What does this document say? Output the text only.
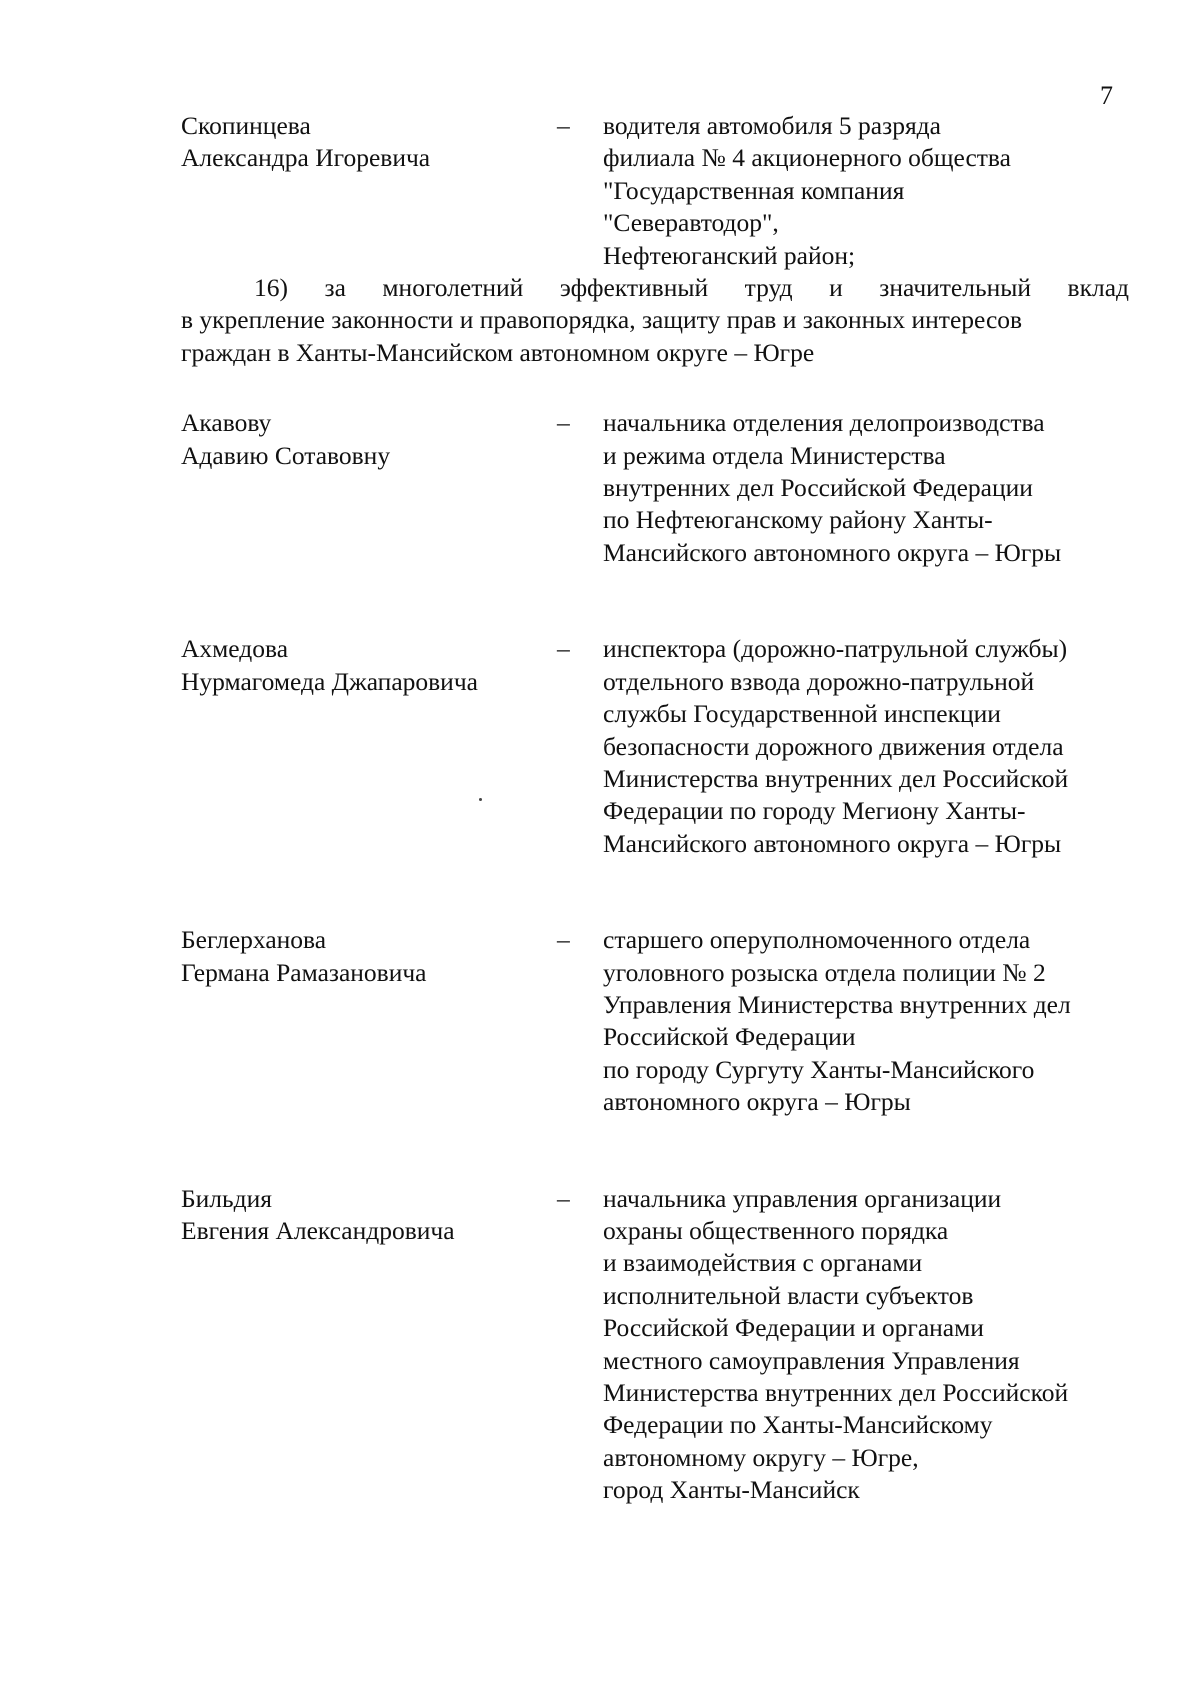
7
Скопинцева
Александра Игоревича
–	водителя автомобиля 5 разряда
филиала № 4 акционерного общества
"Государственная компания
"Северавтодор",
Нефтеюганский район;
16) за многолетний эффективный труд и значительный вклад
в укрепление законности и правопорядка, защиту прав и законных интересов
граждан в Ханты-Мансийском автономном округе – Югре
Акавову
Адавию Сотавовну
–	начальника отделения делопроизводства
и режима отдела Министерства
внутренних дел Российской Федерации
по Нефтеюганскому району Ханты-
Мансийского автономного округа – Югры
Ахмедова
Нурмагомеда Джапаровича
–	инспектора (дорожно-патрульной службы)
отдельного взвода дорожно-патрульной
службы Государственной инспекции
безопасности дорожного движения отдела
Министерства внутренних дел Российской
Федерации по городу Мегиону Ханты-
Мансийского автономного округа – Югры
Беглерханова
Германа Рамазановича
–	старшего оперуполномоченного отдела
уголовного розыска отдела полиции № 2
Управления Министерства внутренних дел
Российской Федерации
по городу Сургуту Ханты-Мансийского
автономного округа – Югры
Бильдия
Евгения Александровича
–	начальника управления организации
охраны общественного порядка
и взаимодействия с органами
исполнительной власти субъектов
Российской Федерации и органами
местного самоуправления Управления
Министерства внутренних дел Российской
Федерации по Ханты-Мансийскому
автономному округу – Югре,
город Ханты-Мансийск
